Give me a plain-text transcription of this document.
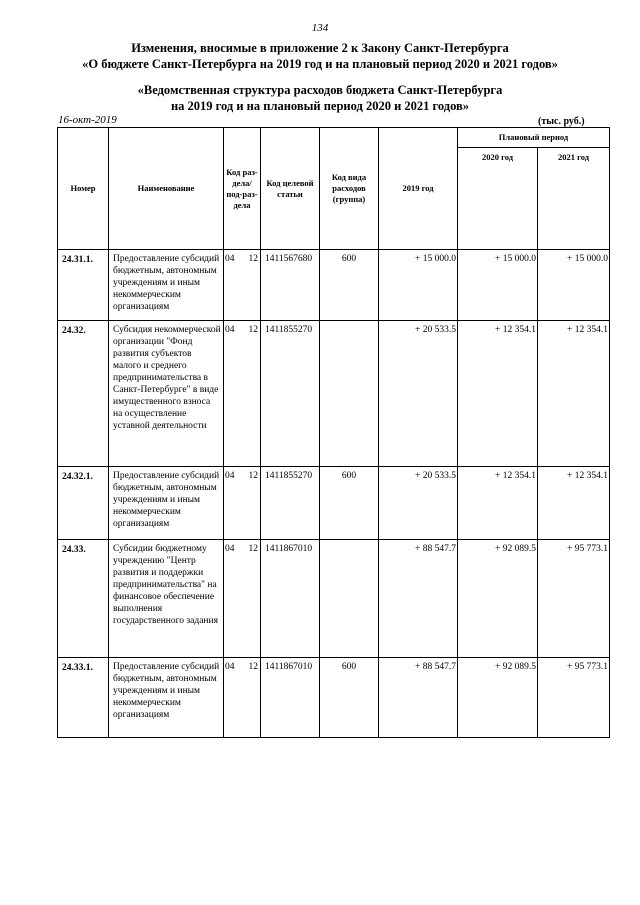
134
Изменения, вносимые в приложение 2 к Закону Санкт-Петербурга
«О бюджете Санкт-Петербурга на 2019 год и на плановый период 2020 и 2021 годов»
«Ведомственная структура расходов бюджета Санкт-Петербурга
на 2019 год и на плановый период 2020 и 2021 годов»
16-окт-2019	(тыс. руб.)
Номер	Наименование	Код раз-дела/ под-раз-дела	Код целевой статьи	Код вида расходов (группа)	2019 год	Плановый период	
						2020 год	2021 год
24.31.1.	Предоставление субсидий бюджетным, автономным учреждениям и иным некоммерческим организациям	04 12	1411567680	600	+ 15 000.0	+ 15 000.0	+ 15 000.0
24.32.	Субсидия некоммерческой организации "Фонд развития субъектов малого и среднего предпринимательства в Санкт-Петербурге" в виде имущественного взноса на осуществление уставной деятельности	04 12	1411855270		+ 20 533.5	+ 12 354.1	+ 12 354.1
24.32.1.	Предоставление субсидий бюджетным, автономным учреждениям и иным некоммерческим организациям	04 12	1411855270	600	+ 20 533.5	+ 12 354.1	+ 12 354.1
24.33.	Субсидии бюджетному учреждению "Центр развития и поддержки предпринимательства" на финансовое обеспечение выполнения государственного задания	04 12	1411867010		+ 88 547.7	+ 92 089.5	+ 95 773.1
24.33.1.	Предоставление субсидий бюджетным, автономным учреждениям и иным некоммерческим организациям	04 12	1411867010	600	+ 88 547.7	+ 92 089.5	+ 95 773.1
